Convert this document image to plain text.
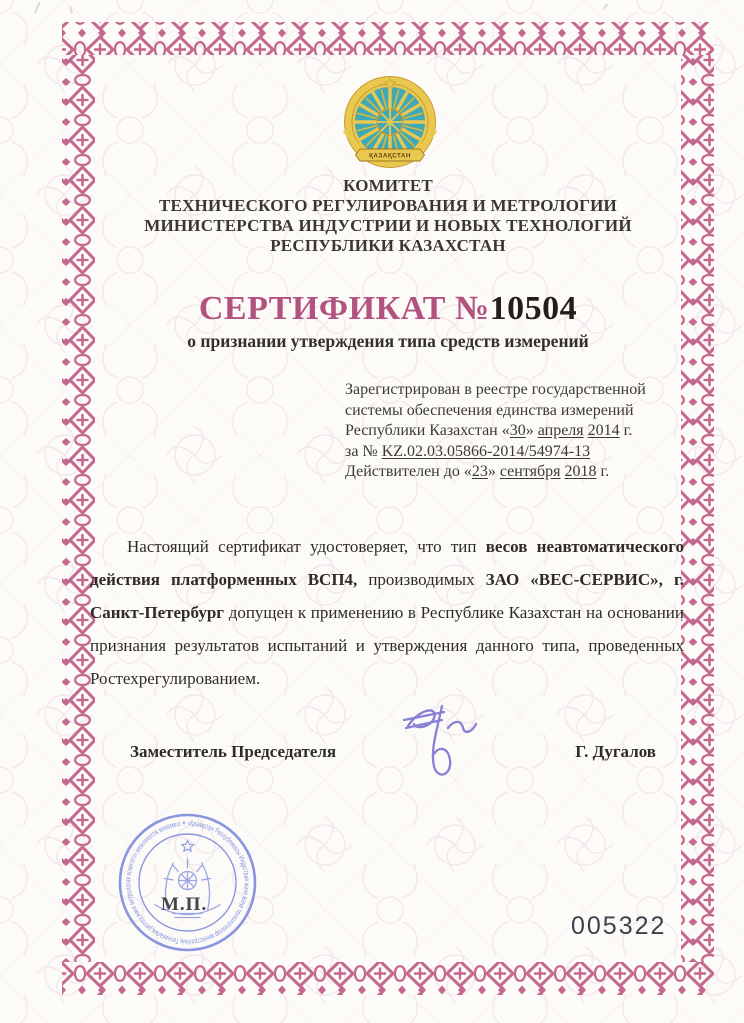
ҚАЗАҚСТАН
КОМИТЕТ
ТЕХНИЧЕСКОГО РЕГУЛИРОВАНИЯ И МЕТРОЛОГИИ
МИНИСТЕРСТВА ИНДУСТРИИ И НОВЫХ ТЕХНОЛОГИЙ
РЕСПУБЛИКИ КАЗАХСТАН
СЕРТИФИКАТ №10504
о признании утверждения типа средств измерений
Зарегистрирован в реестре государственной
системы обеспечения единства измерений
Республики Казахстан «30» апреля 2014 г.
за № KZ.02.03.05866-2014/54974-13
Действителен до «23» сентября 2018 г.
Настоящий сертификат удостоверяет, что тип весов неавтоматического действия платформенных ВСП4, производимых ЗАО «ВЕС-СЕРВИС», г. Санкт-Петербург допущен к применению в Республике Казахстан на основании признания результатов испытаний и утверждения данного типа, проведенных Ростехрегулированием.
Заместитель Председателя	Г. Дугалов
«Қазақстан Республикасы Индустрия және жаңа технологиялар министрлігінің Техникалық реттеу және метрология комитеті» мемлекеттік мекемесі ✦
М.П.
005322
